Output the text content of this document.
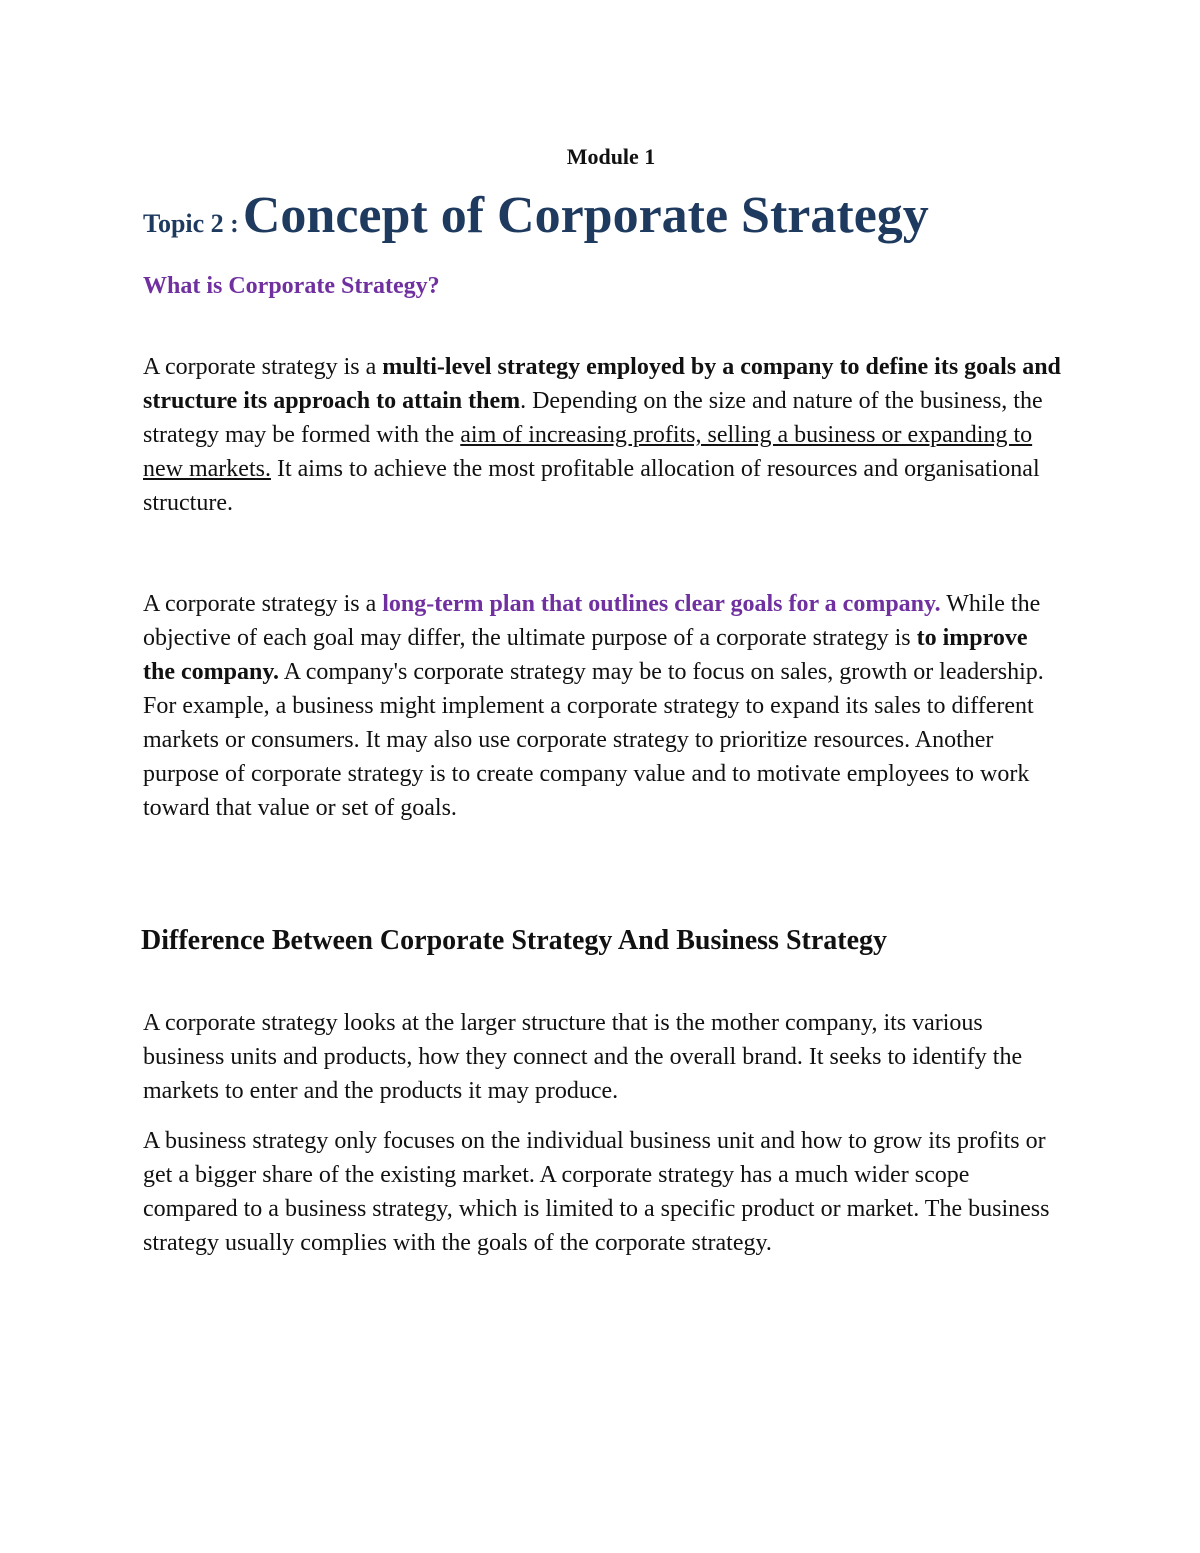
Module 1
Topic 2 : Concept of Corporate Strategy
What is Corporate Strategy?

A corporate strategy is a multi-level strategy employed by a company to define its goals and structure its approach to attain them. Depending on the size and nature of the business, the strategy may be formed with the aim of increasing profits, selling a business or expanding to new markets. It aims to achieve the most profitable allocation of resources and organisational structure.

A corporate strategy is a long-term plan that outlines clear goals for a company. While the objective of each goal may differ, the ultimate purpose of a corporate strategy is to improve the company. A company's corporate strategy may be to focus on sales, growth or leadership. For example, a business might implement a corporate strategy to expand its sales to different markets or consumers. It may also use corporate strategy to prioritize resources. Another purpose of corporate strategy is to create company value and to motivate employees to work toward that value or set of goals.

Difference Between Corporate Strategy And Business Strategy

A corporate strategy looks at the larger structure that is the mother company, its various business units and products, how they connect and the overall brand. It seeks to identify the markets to enter and the products it may produce.

A business strategy only focuses on the individual business unit and how to grow its profits or get a bigger share of the existing market. A corporate strategy has a much wider scope compared to a business strategy, which is limited to a specific product or market. The business strategy usually complies with the goals of the corporate strategy.
